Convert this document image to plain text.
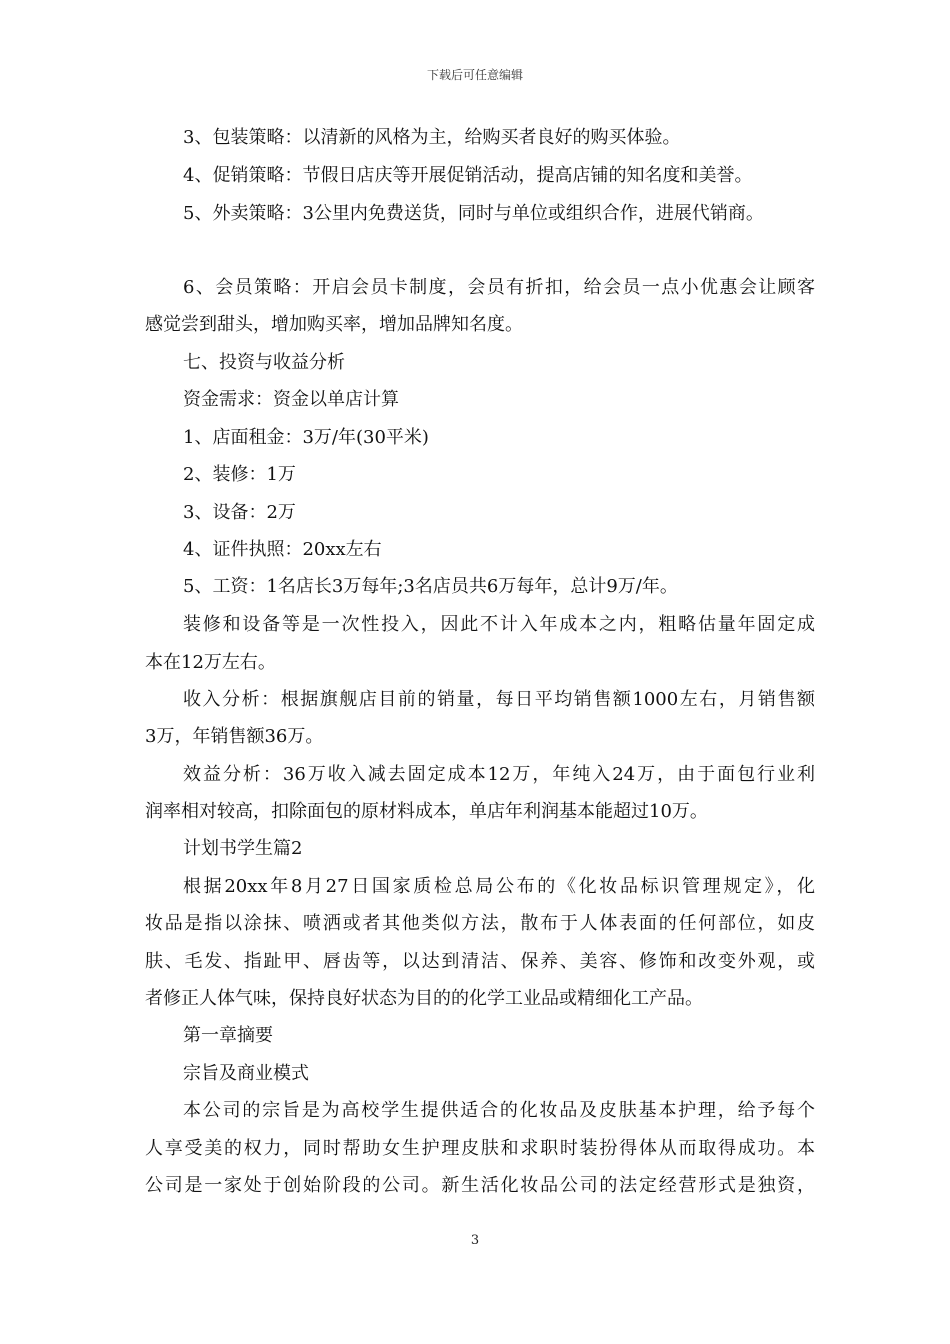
下载后可任意编辑
3、包装策略：以清新的风格为主，给购买者良好的购买体验。
4、促销策略：节假日店庆等开展促销活动，提高店铺的知名度和美誉。
5、外卖策略：3公里内免费送货，同时与单位或组织合作，进展代销商。
6、会员策略：开启会员卡制度，会员有折扣，给会员一点小优惠会让顾客
感觉尝到甜头，增加购买率，增加品牌知名度。
七、投资与收益分析
资金需求：资金以单店计算
1、店面租金：3万/年(30平米)
2、装修：1万
3、设备：2万
4、证件执照：20xx左右
5、工资：1名店长3万每年;3名店员共6万每年，总计9万/年。
装修和设备等是一次性投入，因此不计入年成本之内，粗略估量年固定成
本在12万左右。
收入分析：根据旗舰店目前的销量，每日平均销售额1000左右，月销售额
3万，年销售额36万。
效益分析：36万收入减去固定成本12万，年纯入24万，由于面包行业利
润率相对较高，扣除面包的原材料成本，单店年利润基本能超过10万。
计划书学生篇2
根据20xx年8月27日国家质检总局公布的《化妆品标识管理规定》，化
妆品是指以涂抹、喷洒或者其他类似方法，散布于人体表面的任何部位，如皮
肤、毛发、指趾甲、唇齿等，以达到清洁、保养、美容、修饰和改变外观，或
者修正人体气味，保持良好状态为目的的化学工业品或精细化工产品。
第一章摘要
宗旨及商业模式
本公司的宗旨是为高校学生提供适合的化妆品及皮肤基本护理，给予每个
人享受美的权力，同时帮助女生护理皮肤和求职时装扮得体从而取得成功。本
公司是一家处于创始阶段的公司。新生活化妆品公司的法定经营形式是独资，
3
